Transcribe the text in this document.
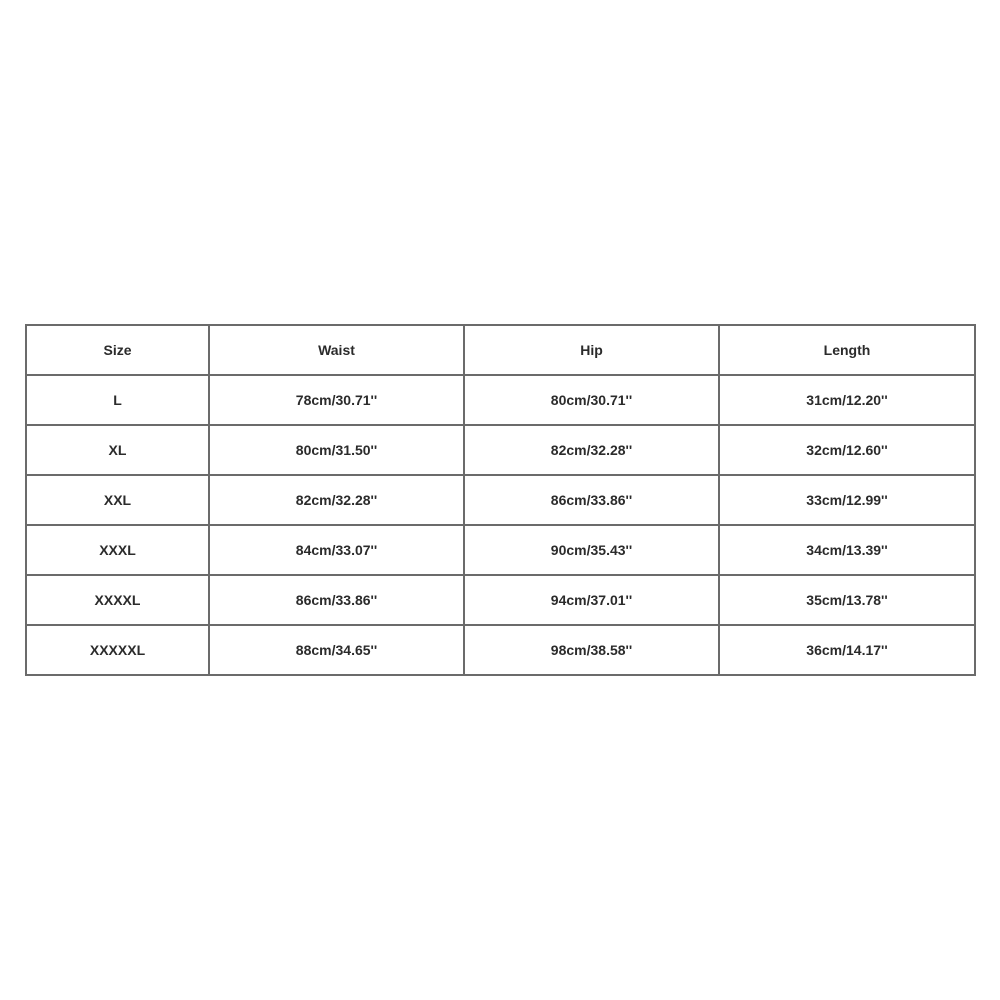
Size	Waist	Hip	Length
L	78cm/30.71''	80cm/30.71''	31cm/12.20''
XL	80cm/31.50''	82cm/32.28''	32cm/12.60''
XXL	82cm/32.28''	86cm/33.86''	33cm/12.99''
XXXL	84cm/33.07''	90cm/35.43''	34cm/13.39''
XXXXL	86cm/33.86''	94cm/37.01''	35cm/13.78''
XXXXXL	88cm/34.65''	98cm/38.58''	36cm/14.17''
